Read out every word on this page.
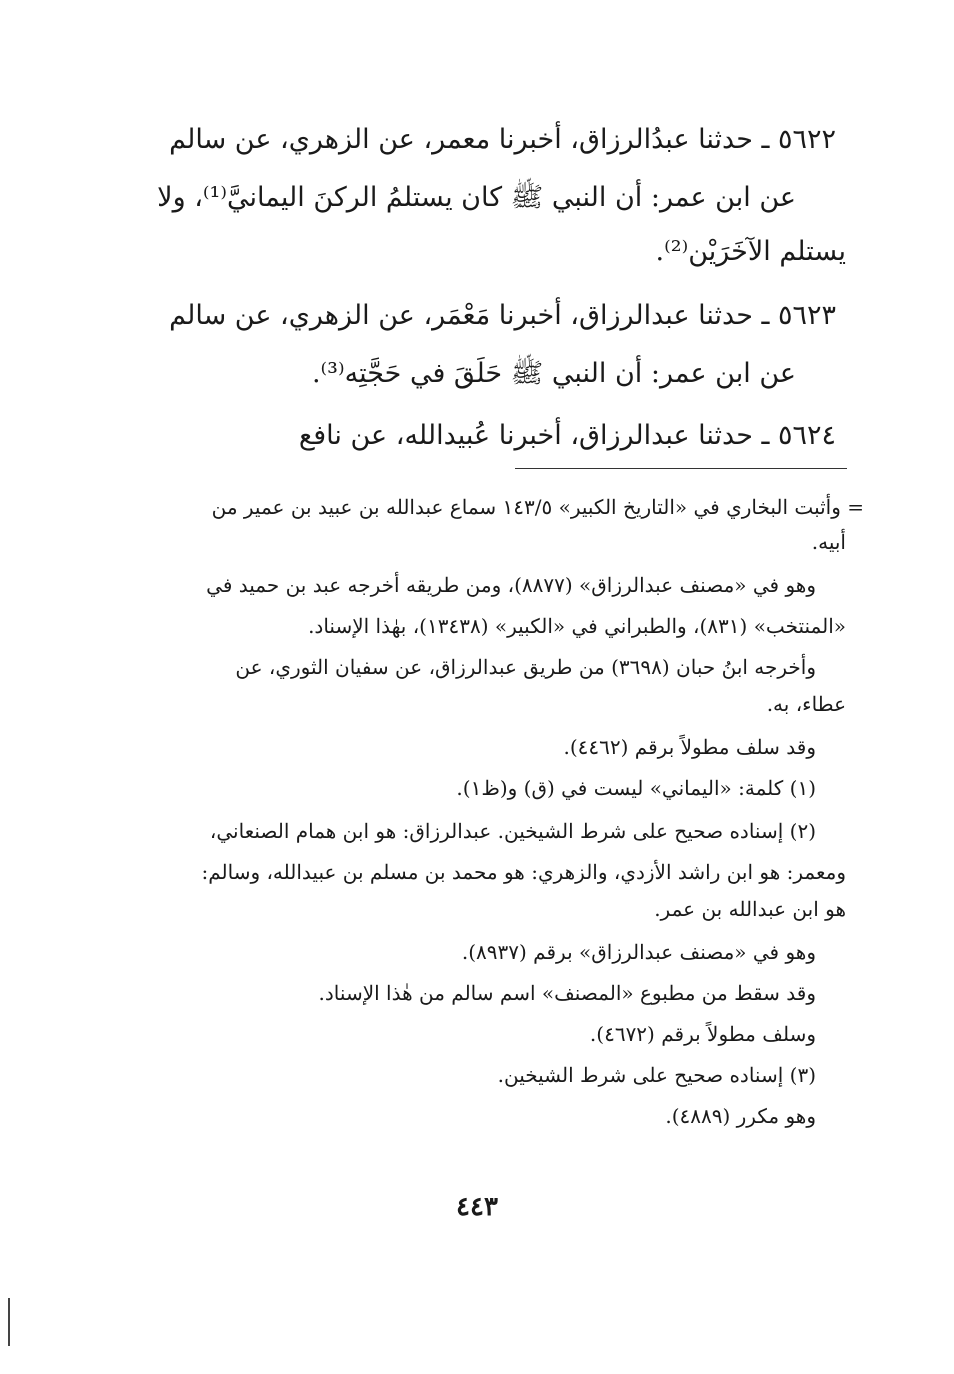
٥٦٢٢ ـ حدثنا عبدُالرزاق، أخبرنا معمر، عن الزهري، عن سالم
عن ابن عمر: أن النبي ﷺ كان يستلمُ الركنَ اليمانيَّ⁽¹⁾، ولا
يستلم الآخَرَيْن⁽²⁾.
٥٦٢٣ ـ حدثنا عبدالرزاق، أخبرنا مَعْمَر، عن الزهري، عن سالم
عن ابن عمر: أن النبي ﷺ حَلَقَ في حَجَّتِه⁽³⁾.
٥٦٢٤ ـ حدثنا عبدالرزاق، أخبرنا عُبيدالله، عن نافع
= وأثبت البخاري في «التاريخ الكبير» ١٤٣/٥ سماع عبدالله بن عبيد بن عمير من
أبيه.
وهو في «مصنف عبدالرزاق» (٨٨٧٧)، ومن طريقه أخرجه عبد بن حميد في
«المنتخب» (٨٣١)، والطبراني في «الكبير» (١٣٤٣٨)، بهٰذا الإسناد.
وأخرجه ابنُ حبان (٣٦٩٨) من طريق عبدالرزاق، عن سفيان الثوري، عن
عطاء، به.
وقد سلف مطولاً برقم (٤٤٦٢).
(١) كلمة: «اليماني» ليست في (ق) و(ظ١).
(٢) إسناده صحيح على شرط الشيخين. عبدالرزاق: هو ابن همام الصنعاني،
ومعمر: هو ابن راشد الأزدي، والزهري: هو محمد بن مسلم بن عبيدالله، وسالم:
هو ابن عبدالله بن عمر.
وهو في «مصنف عبدالرزاق» برقم (٨٩٣٧).
وقد سقط من مطبوع «المصنف» اسم سالم من هٰذا الإسناد.
وسلف مطولاً برقم (٤٦٧٢).
(٣) إسناده صحيح على شرط الشيخين.
وهو مكرر (٤٨٨٩).
٤٤٣
